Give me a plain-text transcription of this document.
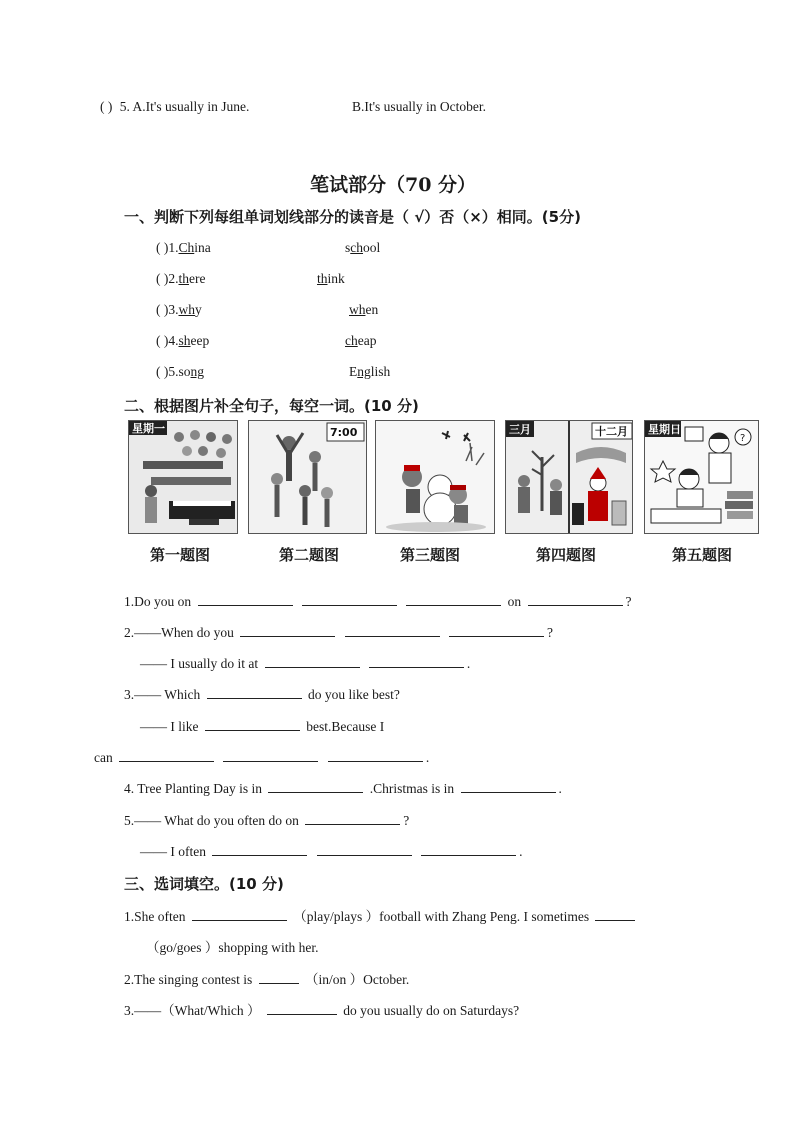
( ) 5. A.It's usually in June.	B.It's usually in October.
笔试部分（70 分）
一、判断下列每组单词划线部分的读音是（ √）否（×）相同。(5分)
( )1.China	school
( )2.there	think
( )3.why	when
( )4.sheep	cheap
( )5.song	English
二、根据图片补全句子，每空一词。(10 分)
星期一
第一题图
7:00
第二题图	第三题图
三月	十二月
第四题图
星期日
?
第五题图
1.Do you on	on	?
2.——When do you	?
—— I usually do it at	.
3.—— Which	do you like best?
—— I like	best.Because I
can	.
4. Tree Planting Day is in	.Christmas is in	.
5.—— What do you often do on	?
—— I often	.
三、选词填空。(10 分)
1.She often	（play/plays ）football with Zhang Peng. I sometimes
（go/goes ）shopping with her.
2.The singing contest is	（in/on ）October.
3.——（What/Which ）	do you usually do on Saturdays?
